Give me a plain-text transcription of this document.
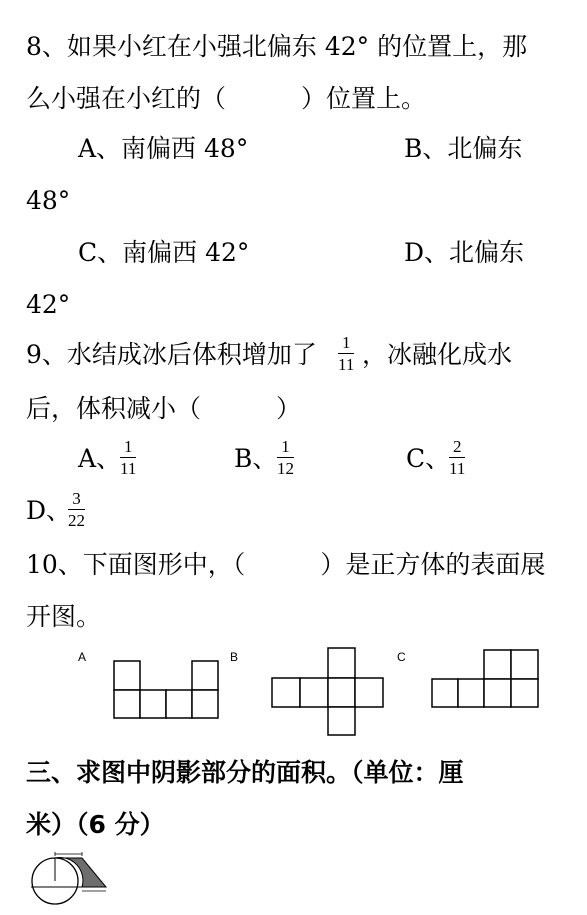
8、如果小红在小强北偏东 42° 的位置上，那
么小强在小红的（　　　）位置上。
A、南偏西 48°	B、北偏东
48°
C、南偏西 42°	D、北偏东
42°
9、水结成冰后体积增加了 1
11 ，冰融化成水
后，体积减小（　　　）
A、 1
11	B、 1
12	C、 2
11
D、 3
22
10、下面图形中，（　　　）是正方体的表面展
开图。
A	B	C
三、求图中阴影部分的面积。（单位：厘
米）（6 分）
